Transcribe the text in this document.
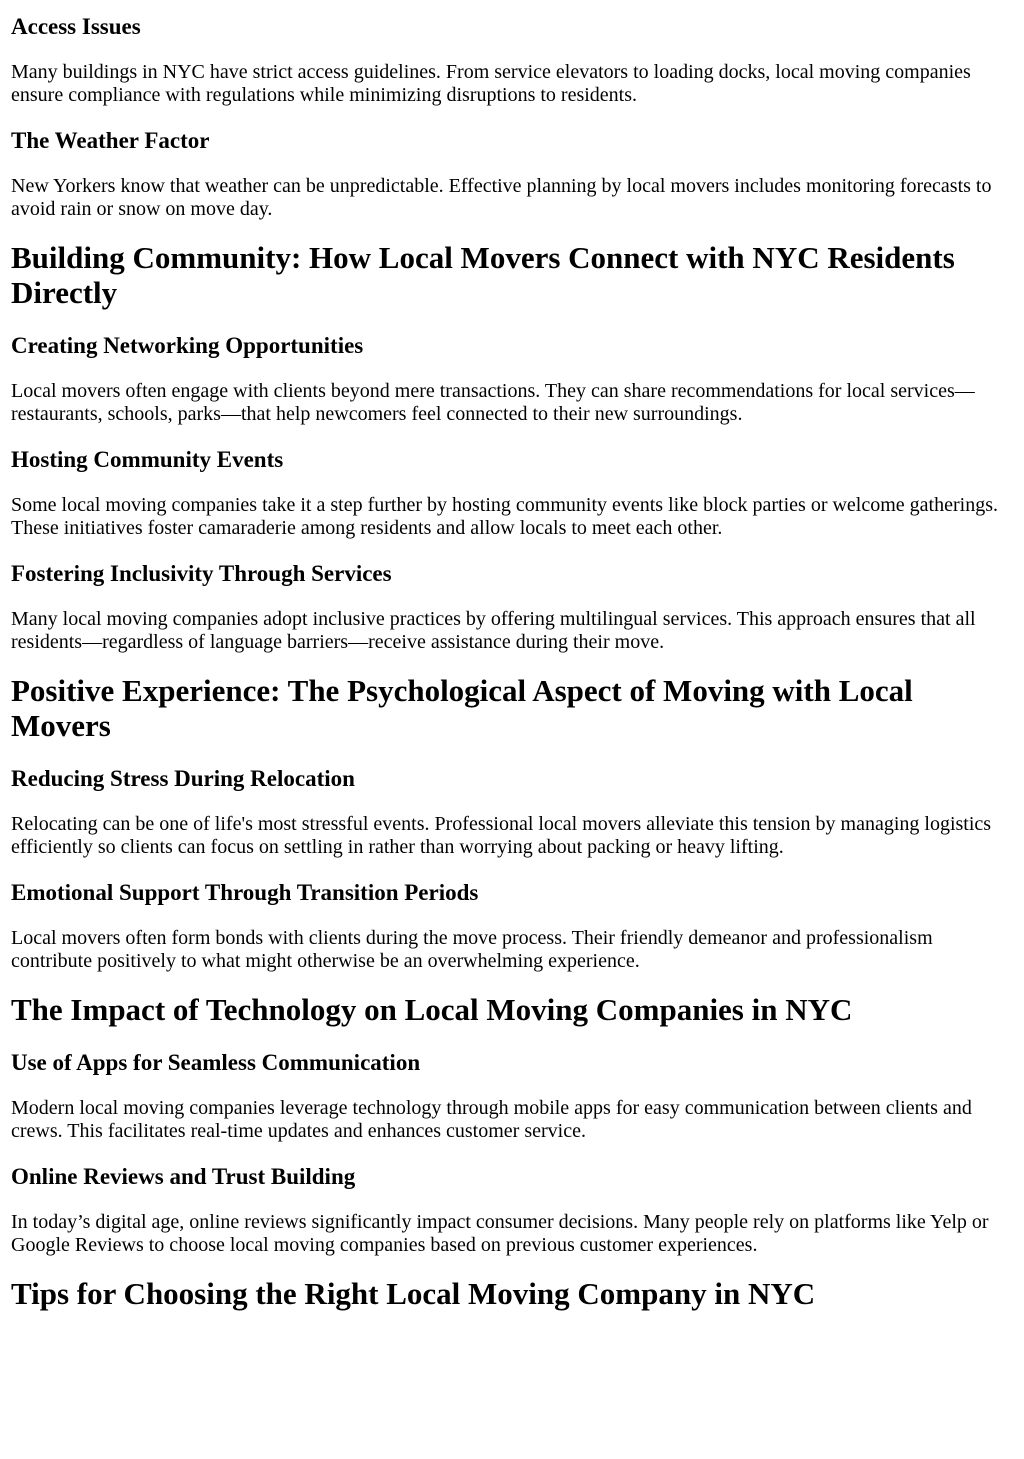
Access Issues

Many buildings in NYC have strict access guidelines. From service elevators to loading docks, local moving companies ensure compliance with regulations while minimizing disruptions to residents.

The Weather Factor

New Yorkers know that weather can be unpredictable. Effective planning by local movers includes monitoring forecasts to avoid rain or snow on move day.

Building Community: How Local Movers Connect with NYC Residents Directly
Creating Networking Opportunities

Local movers often engage with clients beyond mere transactions. They can share recommendations for local services—restaurants, schools, parks—that help newcomers feel connected to their new surroundings.

Hosting Community Events

Some local moving companies take it a step further by hosting community events like block parties or welcome gatherings. These initiatives foster camaraderie among residents and allow locals to meet each other.

Fostering Inclusivity Through Services

Many local moving companies adopt inclusive practices by offering multilingual services. This approach ensures that all residents—regardless of language barriers—receive assistance during their move.

Positive Experience: The Psychological Aspect of Moving with Local Movers
Reducing Stress During Relocation

Relocating can be one of life's most stressful events. Professional local movers alleviate this tension by managing logistics efficiently so clients can focus on settling in rather than worrying about packing or heavy lifting.

Emotional Support Through Transition Periods

Local movers often form bonds with clients during the move process. Their friendly demeanor and professionalism contribute positively to what might otherwise be an overwhelming experience.

The Impact of Technology on Local Moving Companies in NYC
Use of Apps for Seamless Communication

Modern local moving companies leverage technology through mobile apps for easy communication between clients and crews. This facilitates real-time updates and enhances customer service.

Online Reviews and Trust Building

In today’s digital age, online reviews significantly impact consumer decisions. Many people rely on platforms like Yelp or Google Reviews to choose local moving companies based on previous customer experiences.

Tips for Choosing the Right Local Moving Company in NYC
